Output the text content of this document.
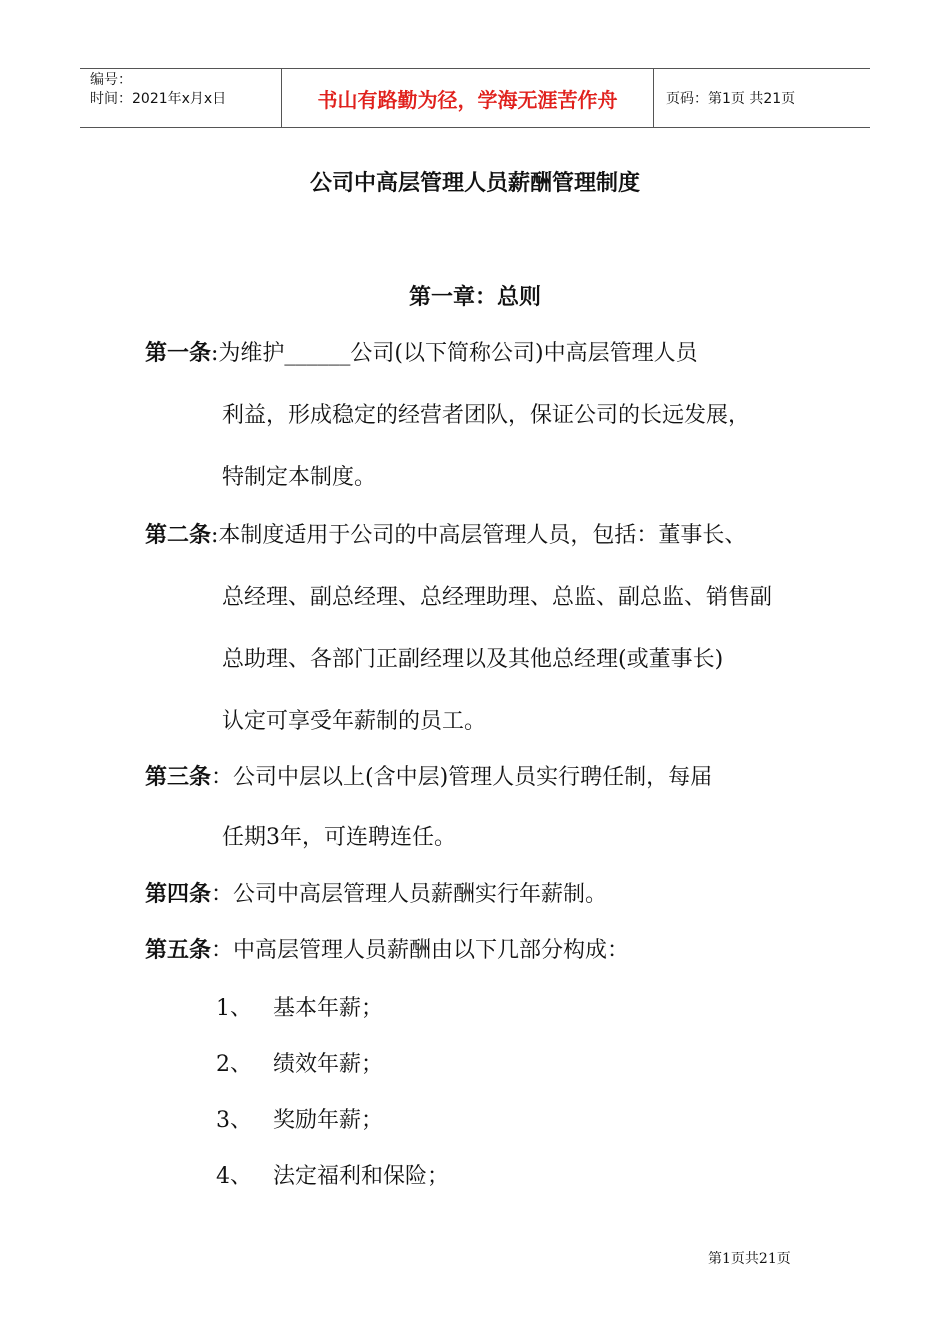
编号：
时间：2021年x月x日	书山有路勤为径，学海无涯苦作舟	页码：第1页 共21页
公司中高层管理人员薪酬管理制度
第一章：总则
第一条:为维护______公司(以下简称公司)中高层管理人员
利益，形成稳定的经营者团队，保证公司的长远发展，
特制定本制度。
第二条:本制度适用于公司的中高层管理人员，包括：董事长、
总经理、副总经理、总经理助理、总监、副总监、销售副
总助理、各部门正副经理以及其他总经理(或董事长)
认定可享受年薪制的员工。
第三条：公司中层以上(含中层)管理人员实行聘任制，每届
任期3年，可连聘连任。
第四条：公司中高层管理人员薪酬实行年薪制。
第五条：中高层管理人员薪酬由以下几部分构成：
1、 基本年薪；
2、 绩效年薪；
3、 奖励年薪；
4、 法定福利和保险；
第1页共21页
